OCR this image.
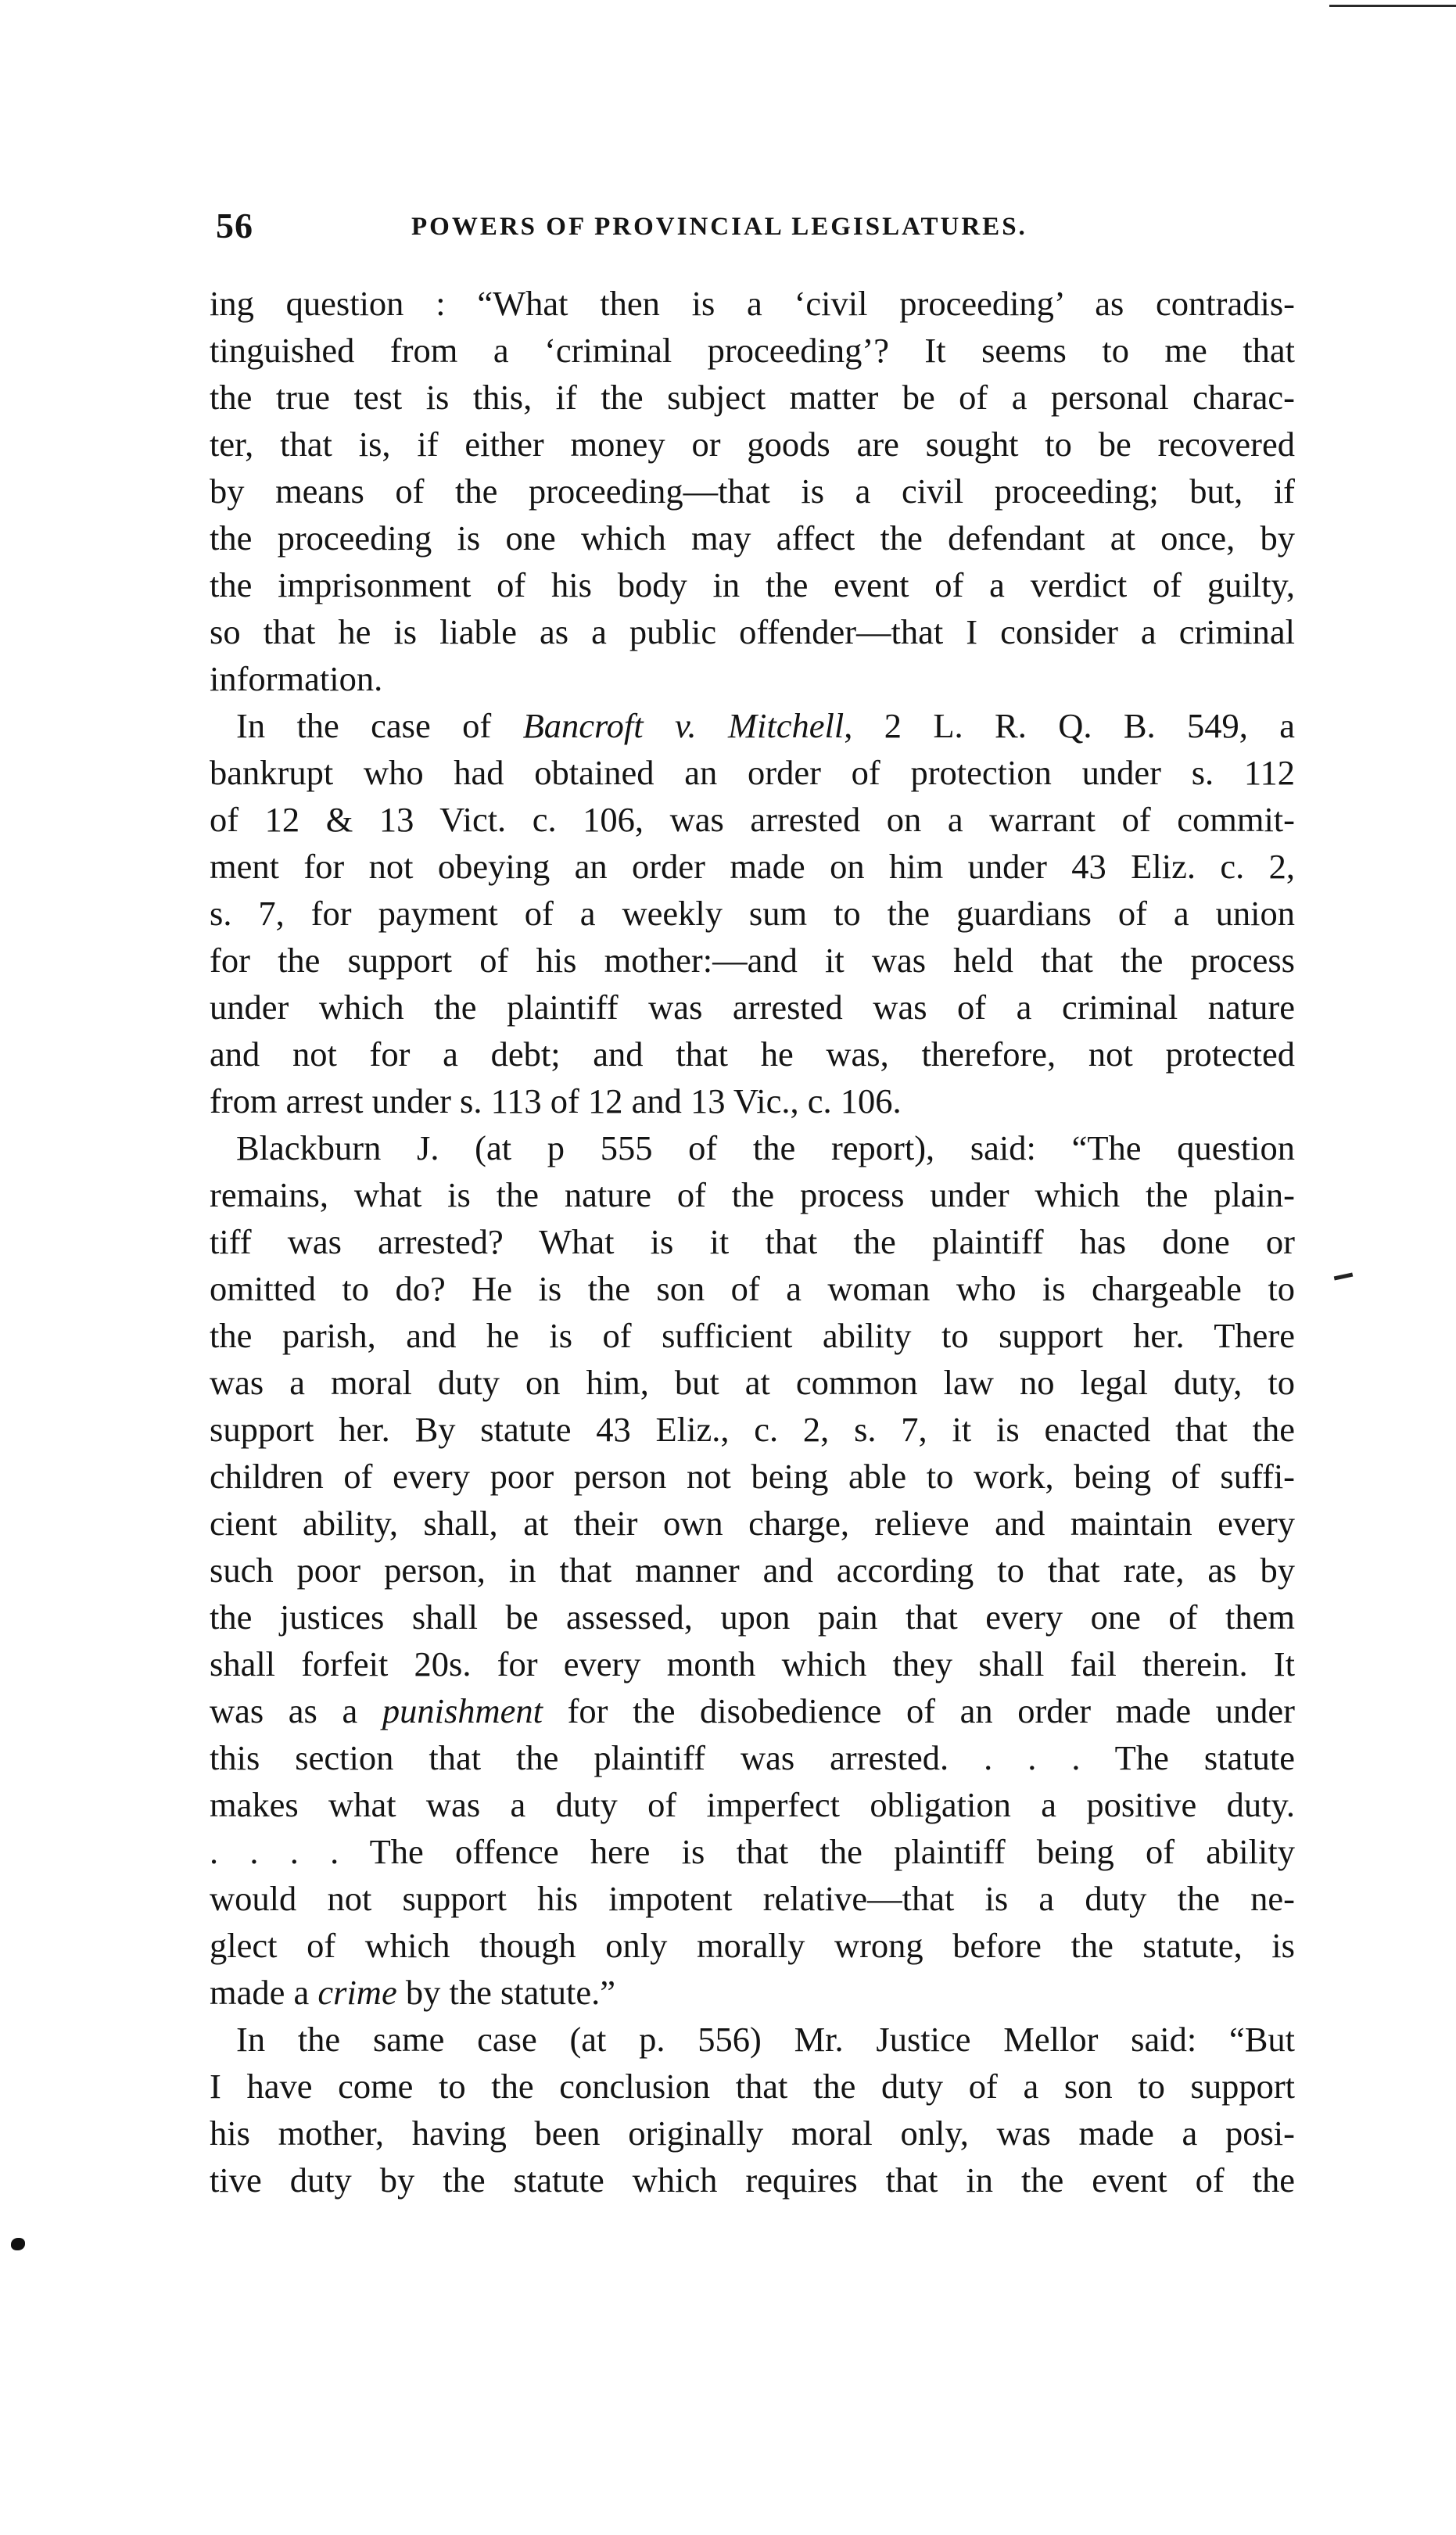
56	POWERS OF PROVINCIAL LEGISLATURES.

ing question : “What then is a ‘civil proceeding’ as contradis-
tinguished from a ‘criminal proceeding’? It seems to me that
the true test is this, if the subject matter be of a personal charac-
ter, that is, if either money or goods are sought to be recovered
by means of the proceeding—that is a civil proceeding; but, if
the proceeding is one which may affect the defendant at once, by
the imprisonment of his body in the event of a verdict of guilty,
so that he is liable as a public offender—that I consider a criminal
information.

In the case of Bancroft v. Mitchell, 2 L. R. Q. B. 549, a
bankrupt who had obtained an order of protection under s. 112
of 12 & 13 Vict. c. 106, was arrested on a warrant of commit-
ment for not obeying an order made on him under 43 Eliz. c. 2,
s. 7, for payment of a weekly sum to the guardians of a union
for the support of his mother:—and it was held that the process
under which the plaintiff was arrested was of a criminal nature
and not for a debt; and that he was, therefore, not protected
from arrest under s. 113 of 12 and 13 Vic., c. 106.

Blackburn J. (at p 555 of the report), said: “The question
remains, what is the nature of the process under which the plain-
tiff was arrested? What is it that the plaintiff has done or
omitted to do? He is the son of a woman who is chargeable to
the parish, and he is of sufficient ability to support her. There
was a moral duty on him, but at common law no legal duty, to
support her. By statute 43 Eliz., c. 2, s. 7, it is enacted that the
children of every poor person not being able to work, being of suffi-
cient ability, shall, at their own charge, relieve and maintain every
such poor person, in that manner and according to that rate, as by
the justices shall be assessed, upon pain that every one of them
shall forfeit 20s. for every month which they shall fail therein. It
was as a punishment for the disobedience of an order made under
this section that the plaintiff was arrested. . . . The statute
makes what was a duty of imperfect obligation a positive duty.
. . . . The offence here is that the plaintiff being of ability
would not support his impotent relative—that is a duty the ne-
glect of which though only morally wrong before the statute, is
made a crime by the statute.”

In the same case (at p. 556) Mr. Justice Mellor said: “But
I have come to the conclusion that the duty of a son to support
his mother, having been originally moral only, was made a posi-
tive duty by the statute which requires that in the event of the
